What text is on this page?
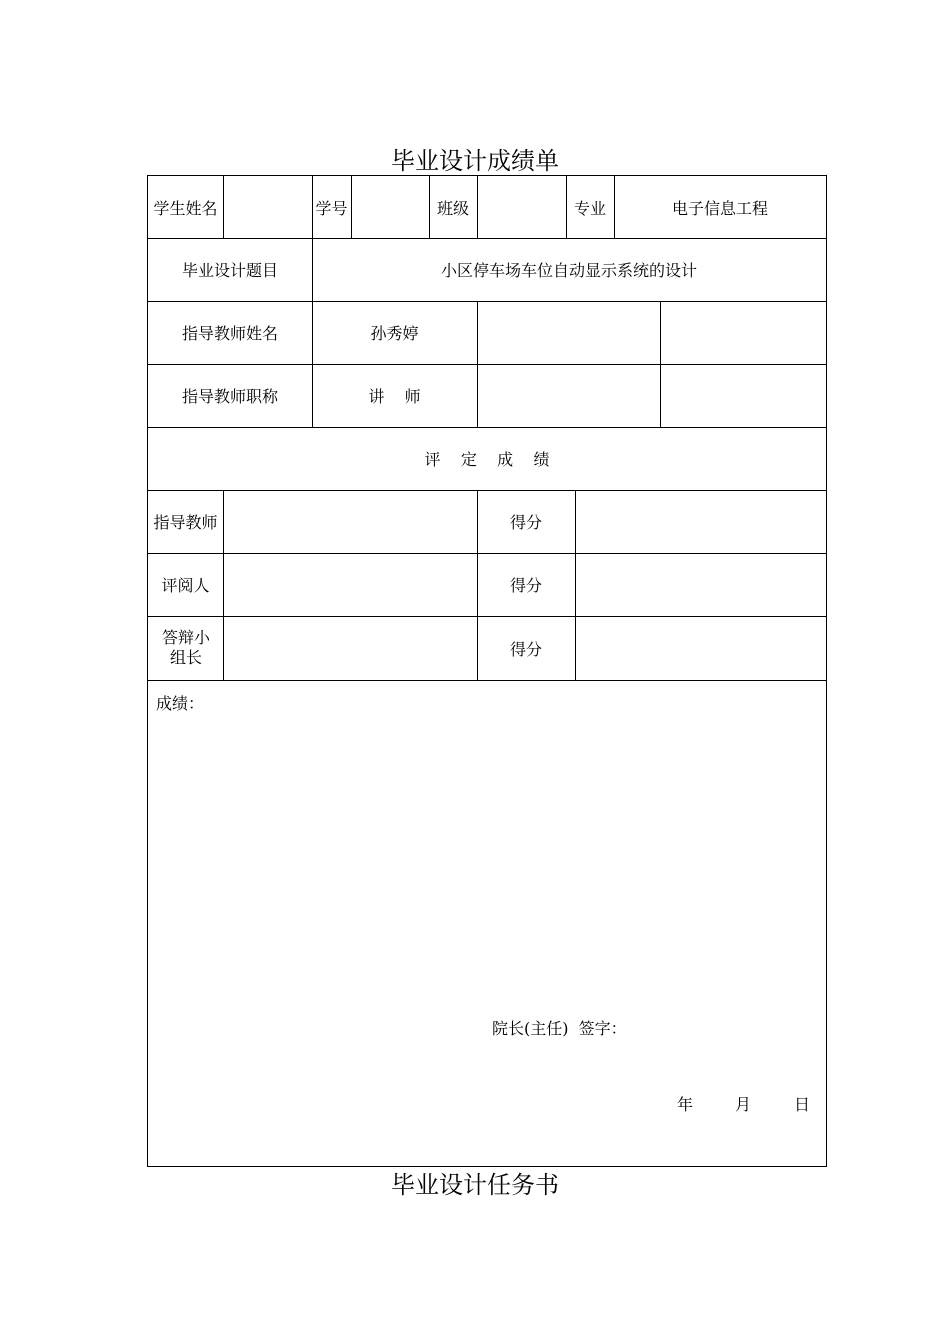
毕业设计成绩单
学生姓名	学号	班级	专业	电子信息工程
毕业设计题目	小区停车场车位自动显示系统的设计
指导教师姓名	孙秀婷
指导教师职称	讲    师
评    定    成    绩
指导教师	得分
评阅人	得分
答辩小组长	得分
成绩：
院长(主任)  签字：
年	月	日
毕业设计任务书
